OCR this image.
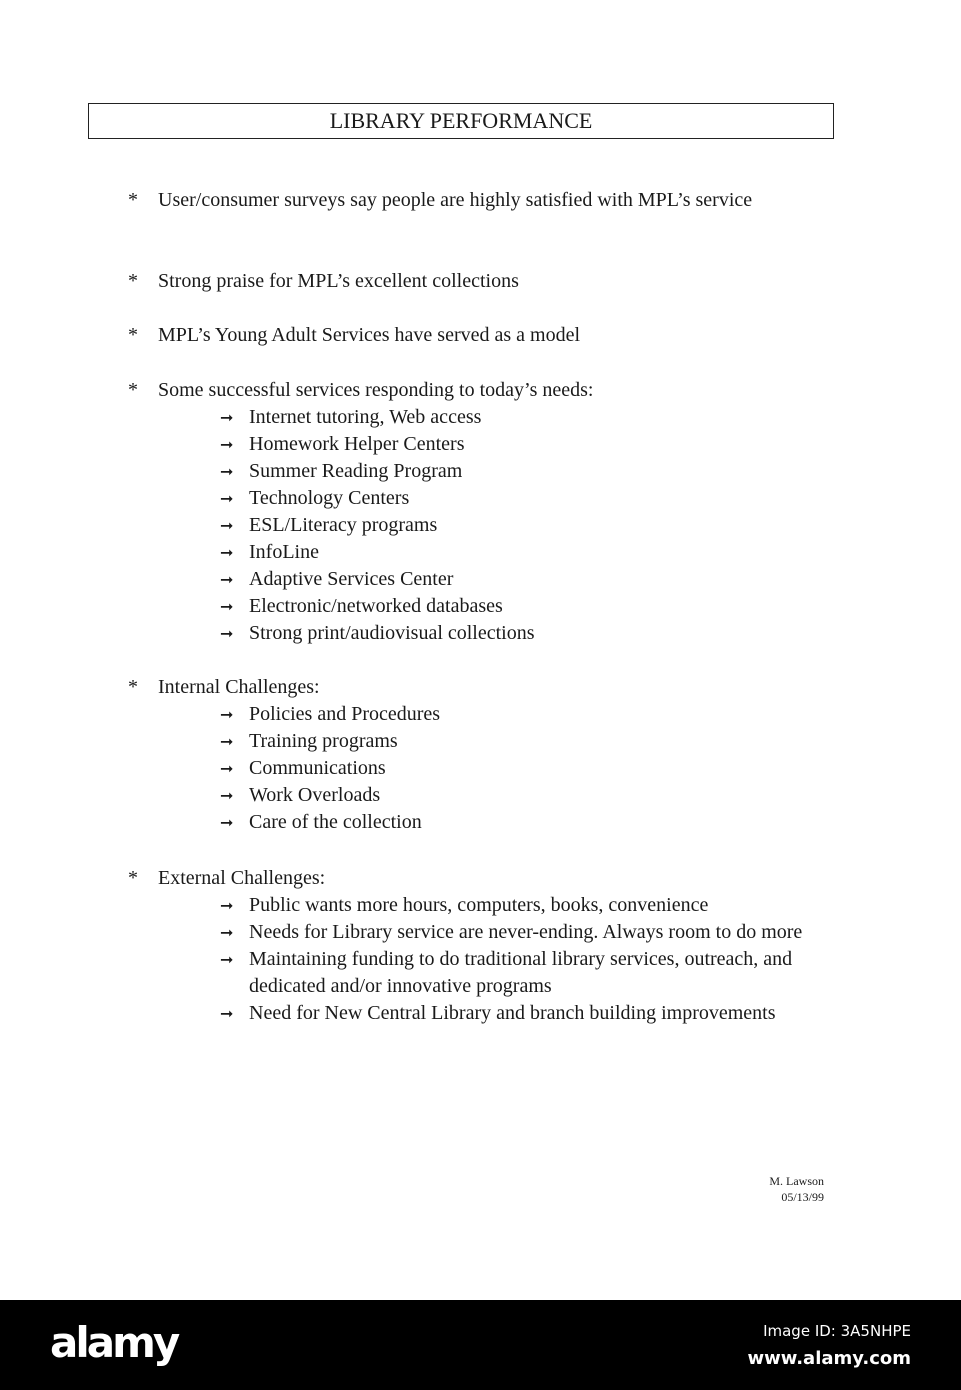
LIBRARY PERFORMANCE
* User/consumer surveys say people are highly satisfied with MPL’s service
* Strong praise for MPL’s excellent collections
* MPL’s Young Adult Services have served as a model
* Some successful services responding to today’s needs:
➞ Internet tutoring, Web access
➞ Homework Helper Centers
➞ Summer Reading Program
➞ Technology Centers
➞ ESL/Literacy programs
➞ InfoLine
➞ Adaptive Services Center
➞ Electronic/networked databases
➞ Strong print/audiovisual collections
* Internal Challenges:
➞ Policies and Procedures
➞ Training programs
➞ Communications
➞ Work Overloads
➞ Care of the collection
* External Challenges:
➞ Public wants more hours, computers, books, convenience
➞ Needs for Library service are never-ending. Always room to do more
➞ Maintaining funding to do traditional library services, outreach, and dedicated and/or innovative programs
➞ Need for New Central Library and branch building improvements
M. Lawson
05/13/99
alamy	Image ID: 3A5NHPE
www.alamy.com
